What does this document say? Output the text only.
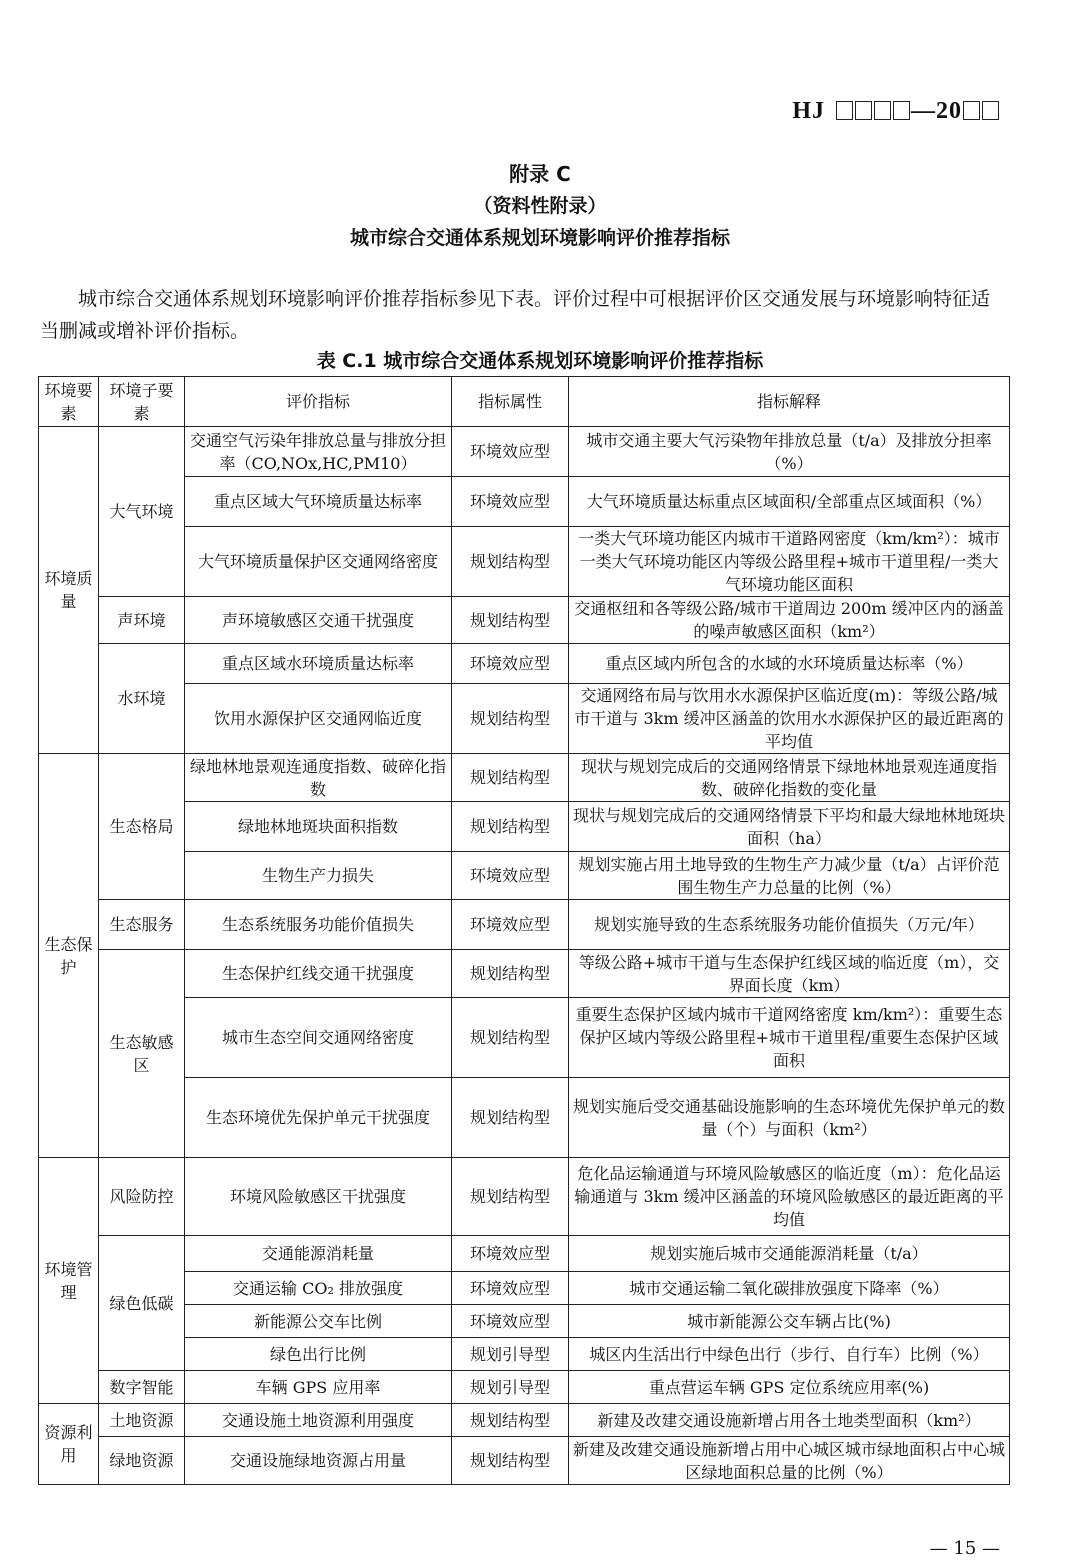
HJ	—20
附录 C
（资料性附录）
城市综合交通体系规划环境影响评价推荐指标
城市综合交通体系规划环境影响评价推荐指标参见下表。评价过程中可根据评价区交通发展与环境影响特征适当删减或增补评价指标。
表 C.1 城市综合交通体系规划环境影响评价推荐指标
环境要素	环境子要素	评价指标	指标属性	指标解释
环境质量	大气环境	交通空气污染年排放总量与排放分担率（CO,NOx,HC,PM10）	环境效应型	城市交通主要大气污染物年排放总量（t/a）及排放分担率（%）
		重点区域大气环境质量达标率	环境效应型	大气环境质量达标重点区域面积/全部重点区域面积（%）
		大气环境质量保护区交通网络密度	规划结构型	一类大气环境功能区内城市干道路网密度（km/km²）：城市一类大气环境功能区内等级公路里程+城市干道里程/一类大气环境功能区面积
	声环境	声环境敏感区交通干扰强度	规划结构型	交通枢纽和各等级公路/城市干道周边 200m 缓冲区内的涵盖的噪声敏感区面积（km²）
	水环境	重点区域水环境质量达标率	环境效应型	重点区域内所包含的水域的水环境质量达标率（%）
		饮用水源保护区交通网临近度	规划结构型	交通网络布局与饮用水水源保护区临近度(m)：等级公路/城市干道与 3km 缓冲区涵盖的饮用水水源保护区的最近距离的平均值
生态保护	生态格局	绿地林地景观连通度指数、破碎化指数	规划结构型	现状与规划完成后的交通网络情景下绿地林地景观连通度指数、破碎化指数的变化量
		绿地林地斑块面积指数	规划结构型	现状与规划完成后的交通网络情景下平均和最大绿地林地斑块面积（ha）
		生物生产力损失	环境效应型	规划实施占用土地导致的生物生产力减少量（t/a）占评价范围生物生产力总量的比例（%）
	生态服务	生态系统服务功能价值损失	环境效应型	规划实施导致的生态系统服务功能价值损失（万元/年）
	生态敏感区	生态保护红线交通干扰强度	规划结构型	等级公路+城市干道与生态保护红线区域的临近度（m），交界面长度（km）
		城市生态空间交通网络密度	规划结构型	重要生态保护区域内城市干道网络密度 km/km²）：重要生态保护区域内等级公路里程+城市干道里程/重要生态保护区域面积
		生态环境优先保护单元干扰强度	规划结构型	规划实施后受交通基础设施影响的生态环境优先保护单元的数量（个）与面积（km²）
环境管理	风险防控	环境风险敏感区干扰强度	规划结构型	危化品运输通道与环境风险敏感区的临近度（m）：危化品运输通道与 3km 缓冲区涵盖的环境风险敏感区的最近距离的平均值
	绿色低碳	交通能源消耗量	环境效应型	规划实施后城市交通能源消耗量（t/a）
		交通运输 CO₂ 排放强度	环境效应型	城市交通运输二氧化碳排放强度下降率（%）
		新能源公交车比例	环境效应型	城市新能源公交车辆占比(%)
		绿色出行比例	规划引导型	城区内生活出行中绿色出行（步行、自行车）比例（%）
	数字智能	车辆 GPS 应用率	规划引导型	重点营运车辆 GPS 定位系统应用率(%)
资源利用	土地资源	交通设施土地资源利用强度	规划结构型	新建及改建交通设施新增占用各土地类型面积（km²）
	绿地资源	交通设施绿地资源占用量	规划结构型	新建及改建交通设施新增占用中心城区城市绿地面积占中心城区绿地面积总量的比例（%）
— 15 —
